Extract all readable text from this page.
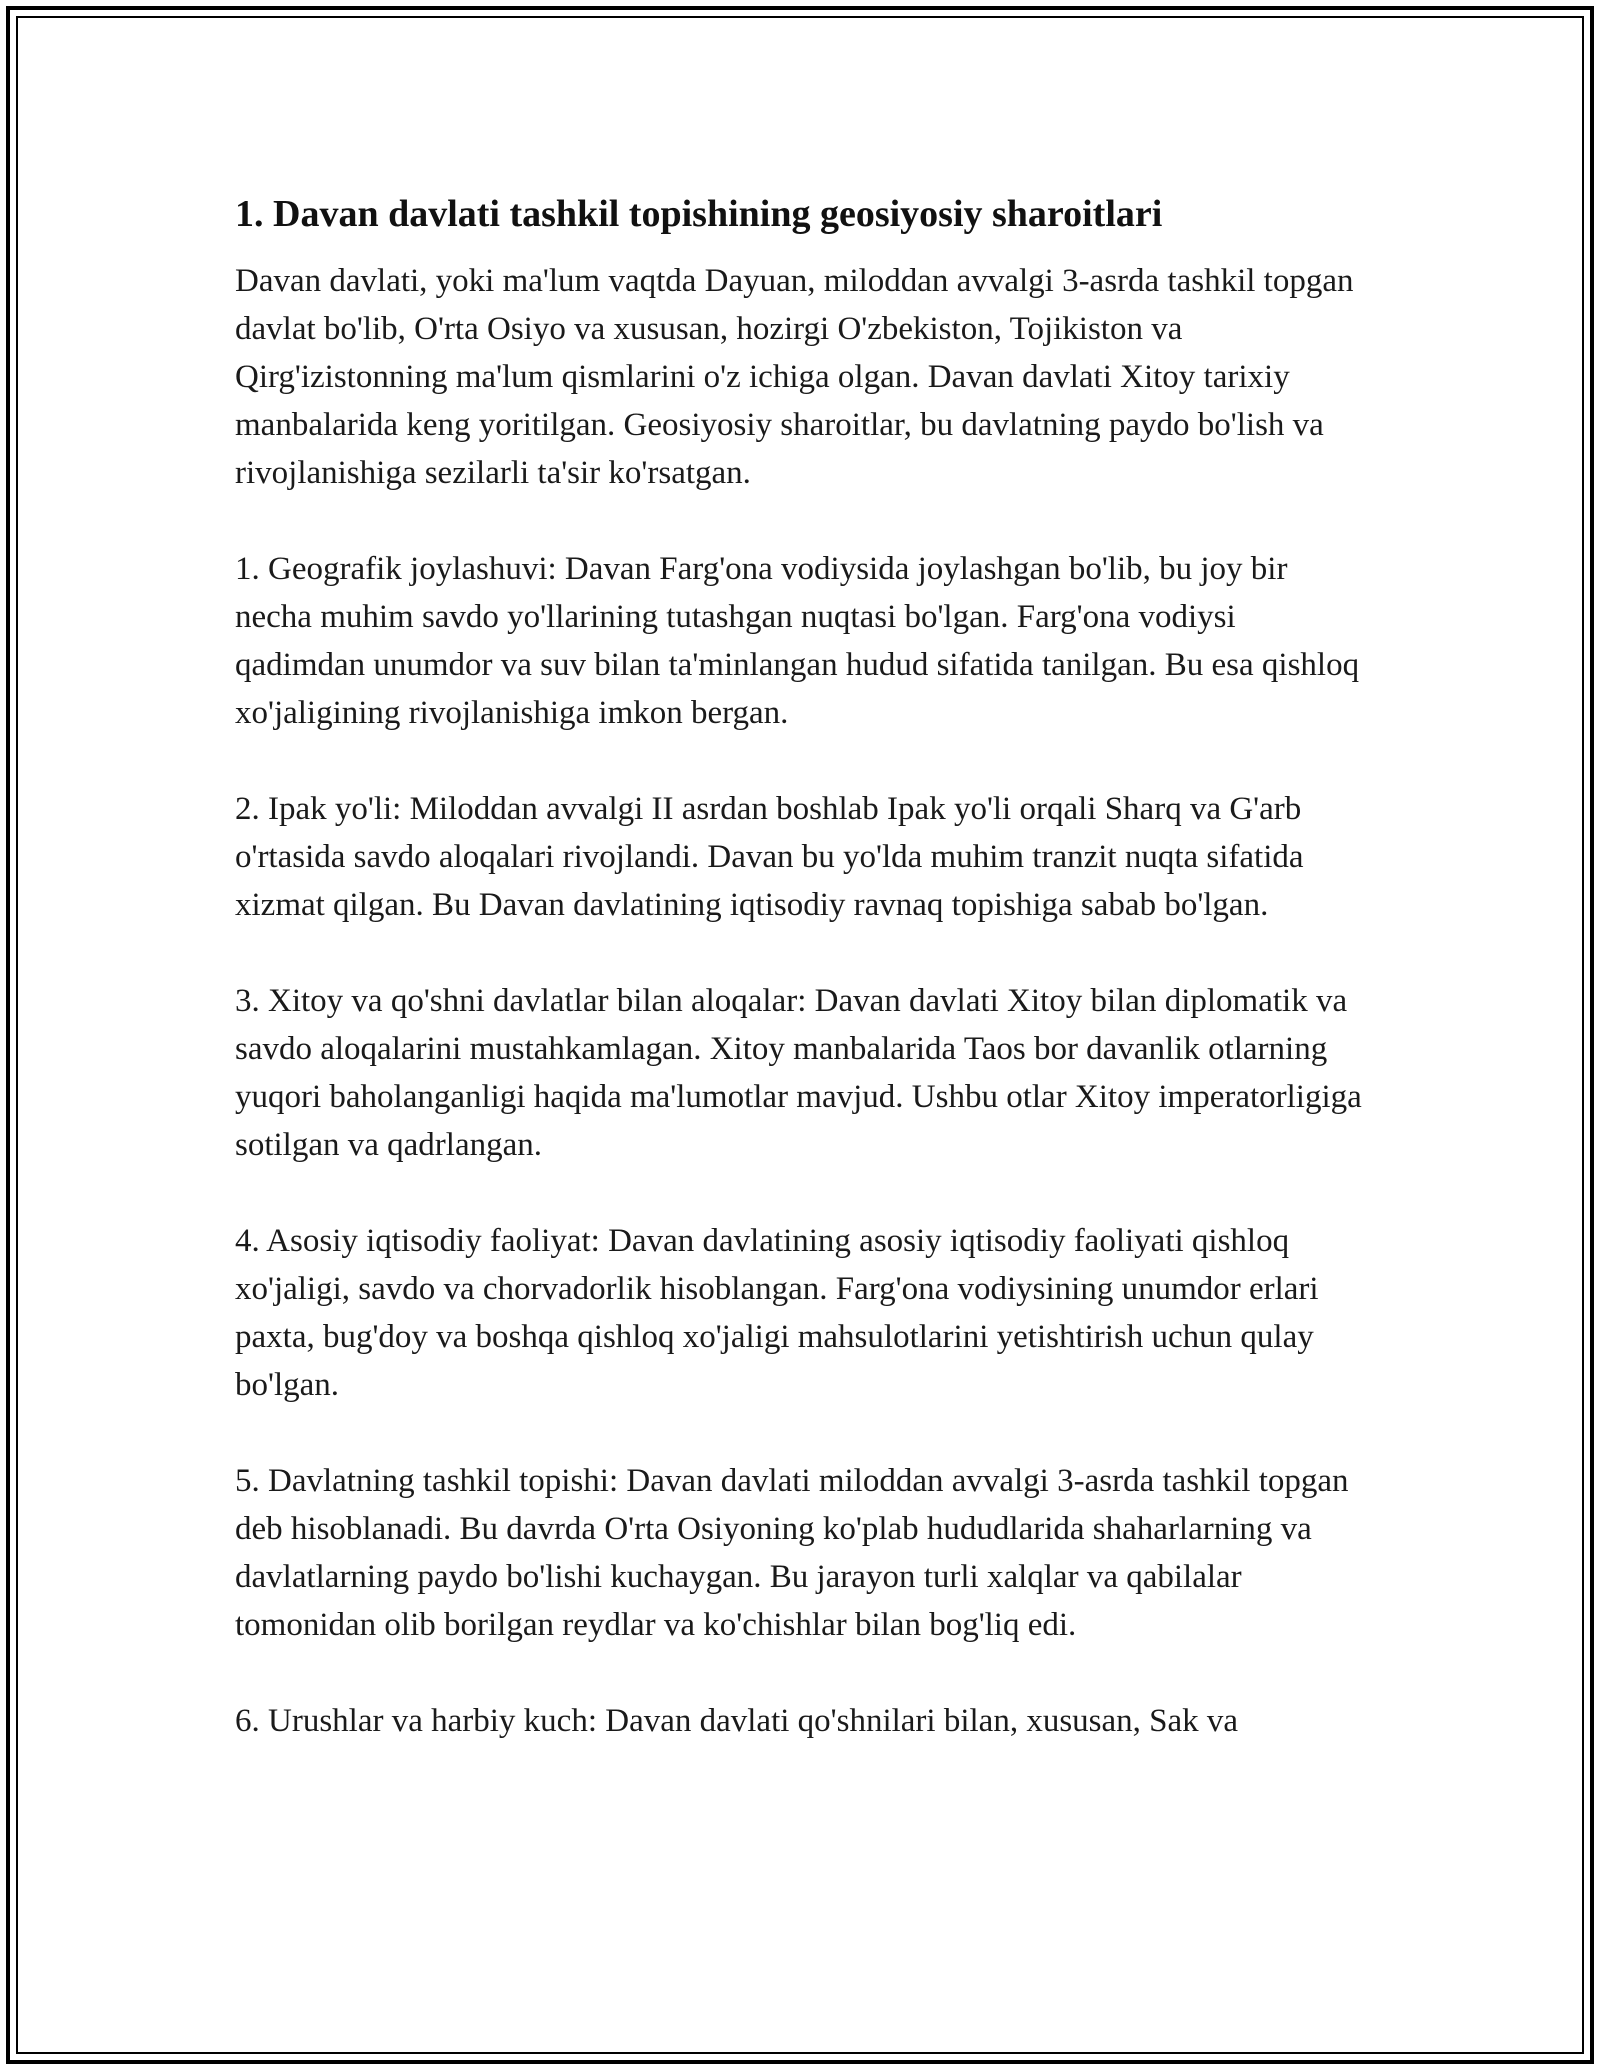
1. Davan davlati tashkil topishining geosiyosiy sharoitlari

Davan davlati, yoki ma'lum vaqtda Dayuan, miloddan avvalgi 3-asrda tashkil topgan davlat bo'lib, O'rta Osiyo va xususan, hozirgi O'zbekiston, Tojikiston va Qirg'izistonning ma'lum qismlarini o'z ichiga olgan. Davan davlati Xitoy tarixiy manbalarida keng yoritilgan. Geosiyosiy sharoitlar, bu davlatning paydo bo'lish va rivojlanishiga sezilarli ta'sir ko'rsatgan.

1. Geografik joylashuvi: Davan Farg'ona vodiysida joylashgan bo'lib, bu joy bir necha muhim savdo yo'llarining tutashgan nuqtasi bo'lgan. Farg'ona vodiysi qadimdan unumdor va suv bilan ta'minlangan hudud sifatida tanilgan. Bu esa qishloq xo'jaligining rivojlanishiga imkon bergan.

2. Ipak yo'li: Miloddan avvalgi II asrdan boshlab Ipak yo'li orqali Sharq va G'arb o'rtasida savdo aloqalari rivojlandi. Davan bu yo'lda muhim tranzit nuqta sifatida xizmat qilgan. Bu Davan davlatining iqtisodiy ravnaq topishiga sabab bo'lgan.

3. Xitoy va qo'shni davlatlar bilan aloqalar: Davan davlati Xitoy bilan diplomatik va savdo aloqalarini mustahkamlagan. Xitoy manbalarida Taos bor davanlik otlarning yuqori baholanganligi haqida ma'lumotlar mavjud. Ushbu otlar Xitoy imperatorligiga sotilgan va qadrlangan.

4. Asosiy iqtisodiy faoliyat: Davan davlatining asosiy iqtisodiy faoliyati qishloq xo'jaligi, savdo va chorvadorlik hisoblangan. Farg'ona vodiysining unumdor erlari paxta, bug'doy va boshqa qishloq xo'jaligi mahsulotlarini yetishtirish uchun qulay bo'lgan.

5. Davlatning tashkil topishi: Davan davlati miloddan avvalgi 3-asrda tashkil topgan deb hisoblanadi. Bu davrda O'rta Osiyoning ko'plab hududlarida shaharlarning va davlatlarning paydo bo'lishi kuchaygan. Bu jarayon turli xalqlar va qabilalar tomonidan olib borilgan reydlar va ko'chishlar bilan bog'liq edi.

6. Urushlar va harbiy kuch: Davan davlati qo'shnilari bilan, xususan, Sak va
